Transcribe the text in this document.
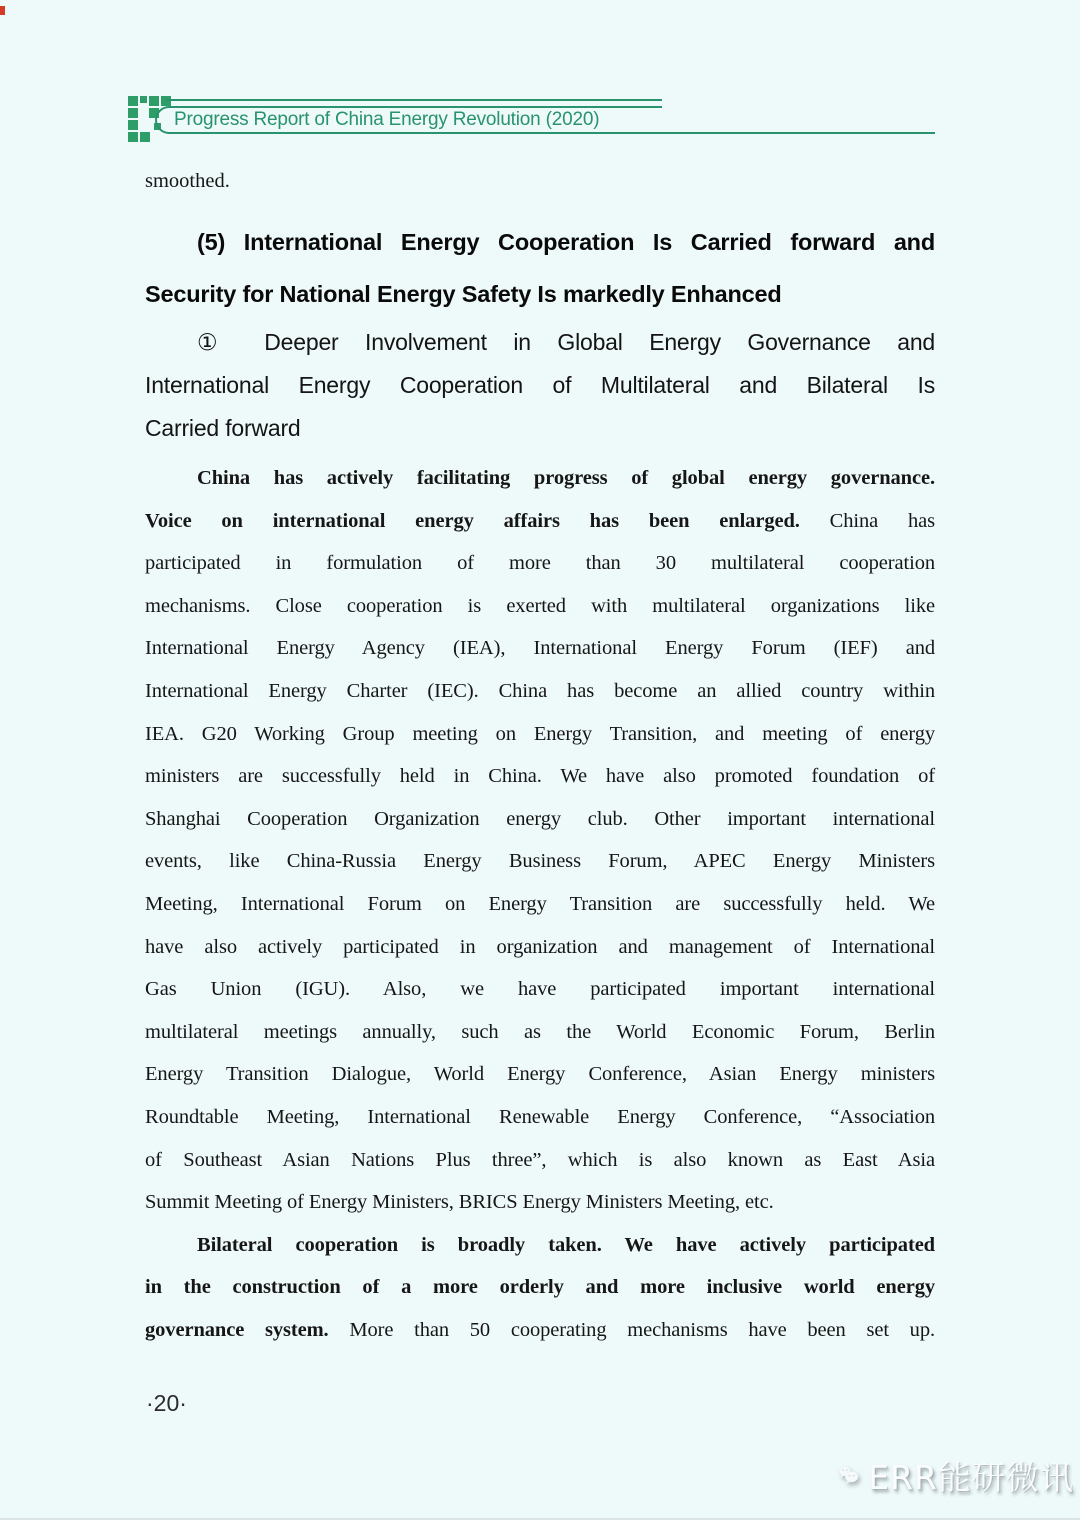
Progress Report of China Energy Revolution (2020)
smoothed.
(5) International Energy Cooperation Is Carried forward and
Security for National Energy Safety Is markedly Enhanced
① Deeper Involvement in Global Energy Governance and
International Energy Cooperation of Multilateral and Bilateral Is
Carried forward
China has actively facilitating progress of global energy governance.
Voice on international energy affairs has been enlarged. China has
participated in formulation of more than 30 multilateral cooperation
mechanisms. Close cooperation is exerted with multilateral organizations like
International Energy Agency (IEA), International Energy Forum (IEF) and
International Energy Charter (IEC). China has become an allied country within
IEA. G20 Working Group meeting on Energy Transition, and meeting of energy
ministers are successfully held in China. We have also promoted foundation of
Shanghai Cooperation Organization energy club. Other important international
events, like China-Russia Energy Business Forum, APEC Energy Ministers
Meeting, International Forum on Energy Transition are successfully held. We
have also actively participated in organization and management of International
Gas Union (IGU). Also, we have participated important international
multilateral meetings annually, such as the World Economic Forum, Berlin
Energy Transition Dialogue, World Energy Conference, Asian Energy ministers
Roundtable Meeting, International Renewable Energy Conference, “Association
of Southeast Asian Nations Plus three”, which is also known as East Asia
Summit Meeting of Energy Ministers, BRICS Energy Ministers Meeting, etc.
Bilateral cooperation is broadly taken. We have actively participated
in the construction of a more orderly and more inclusive world energy
governance system. More than 50 cooperating mechanisms have been set up.
·20·
ERR能研微讯
